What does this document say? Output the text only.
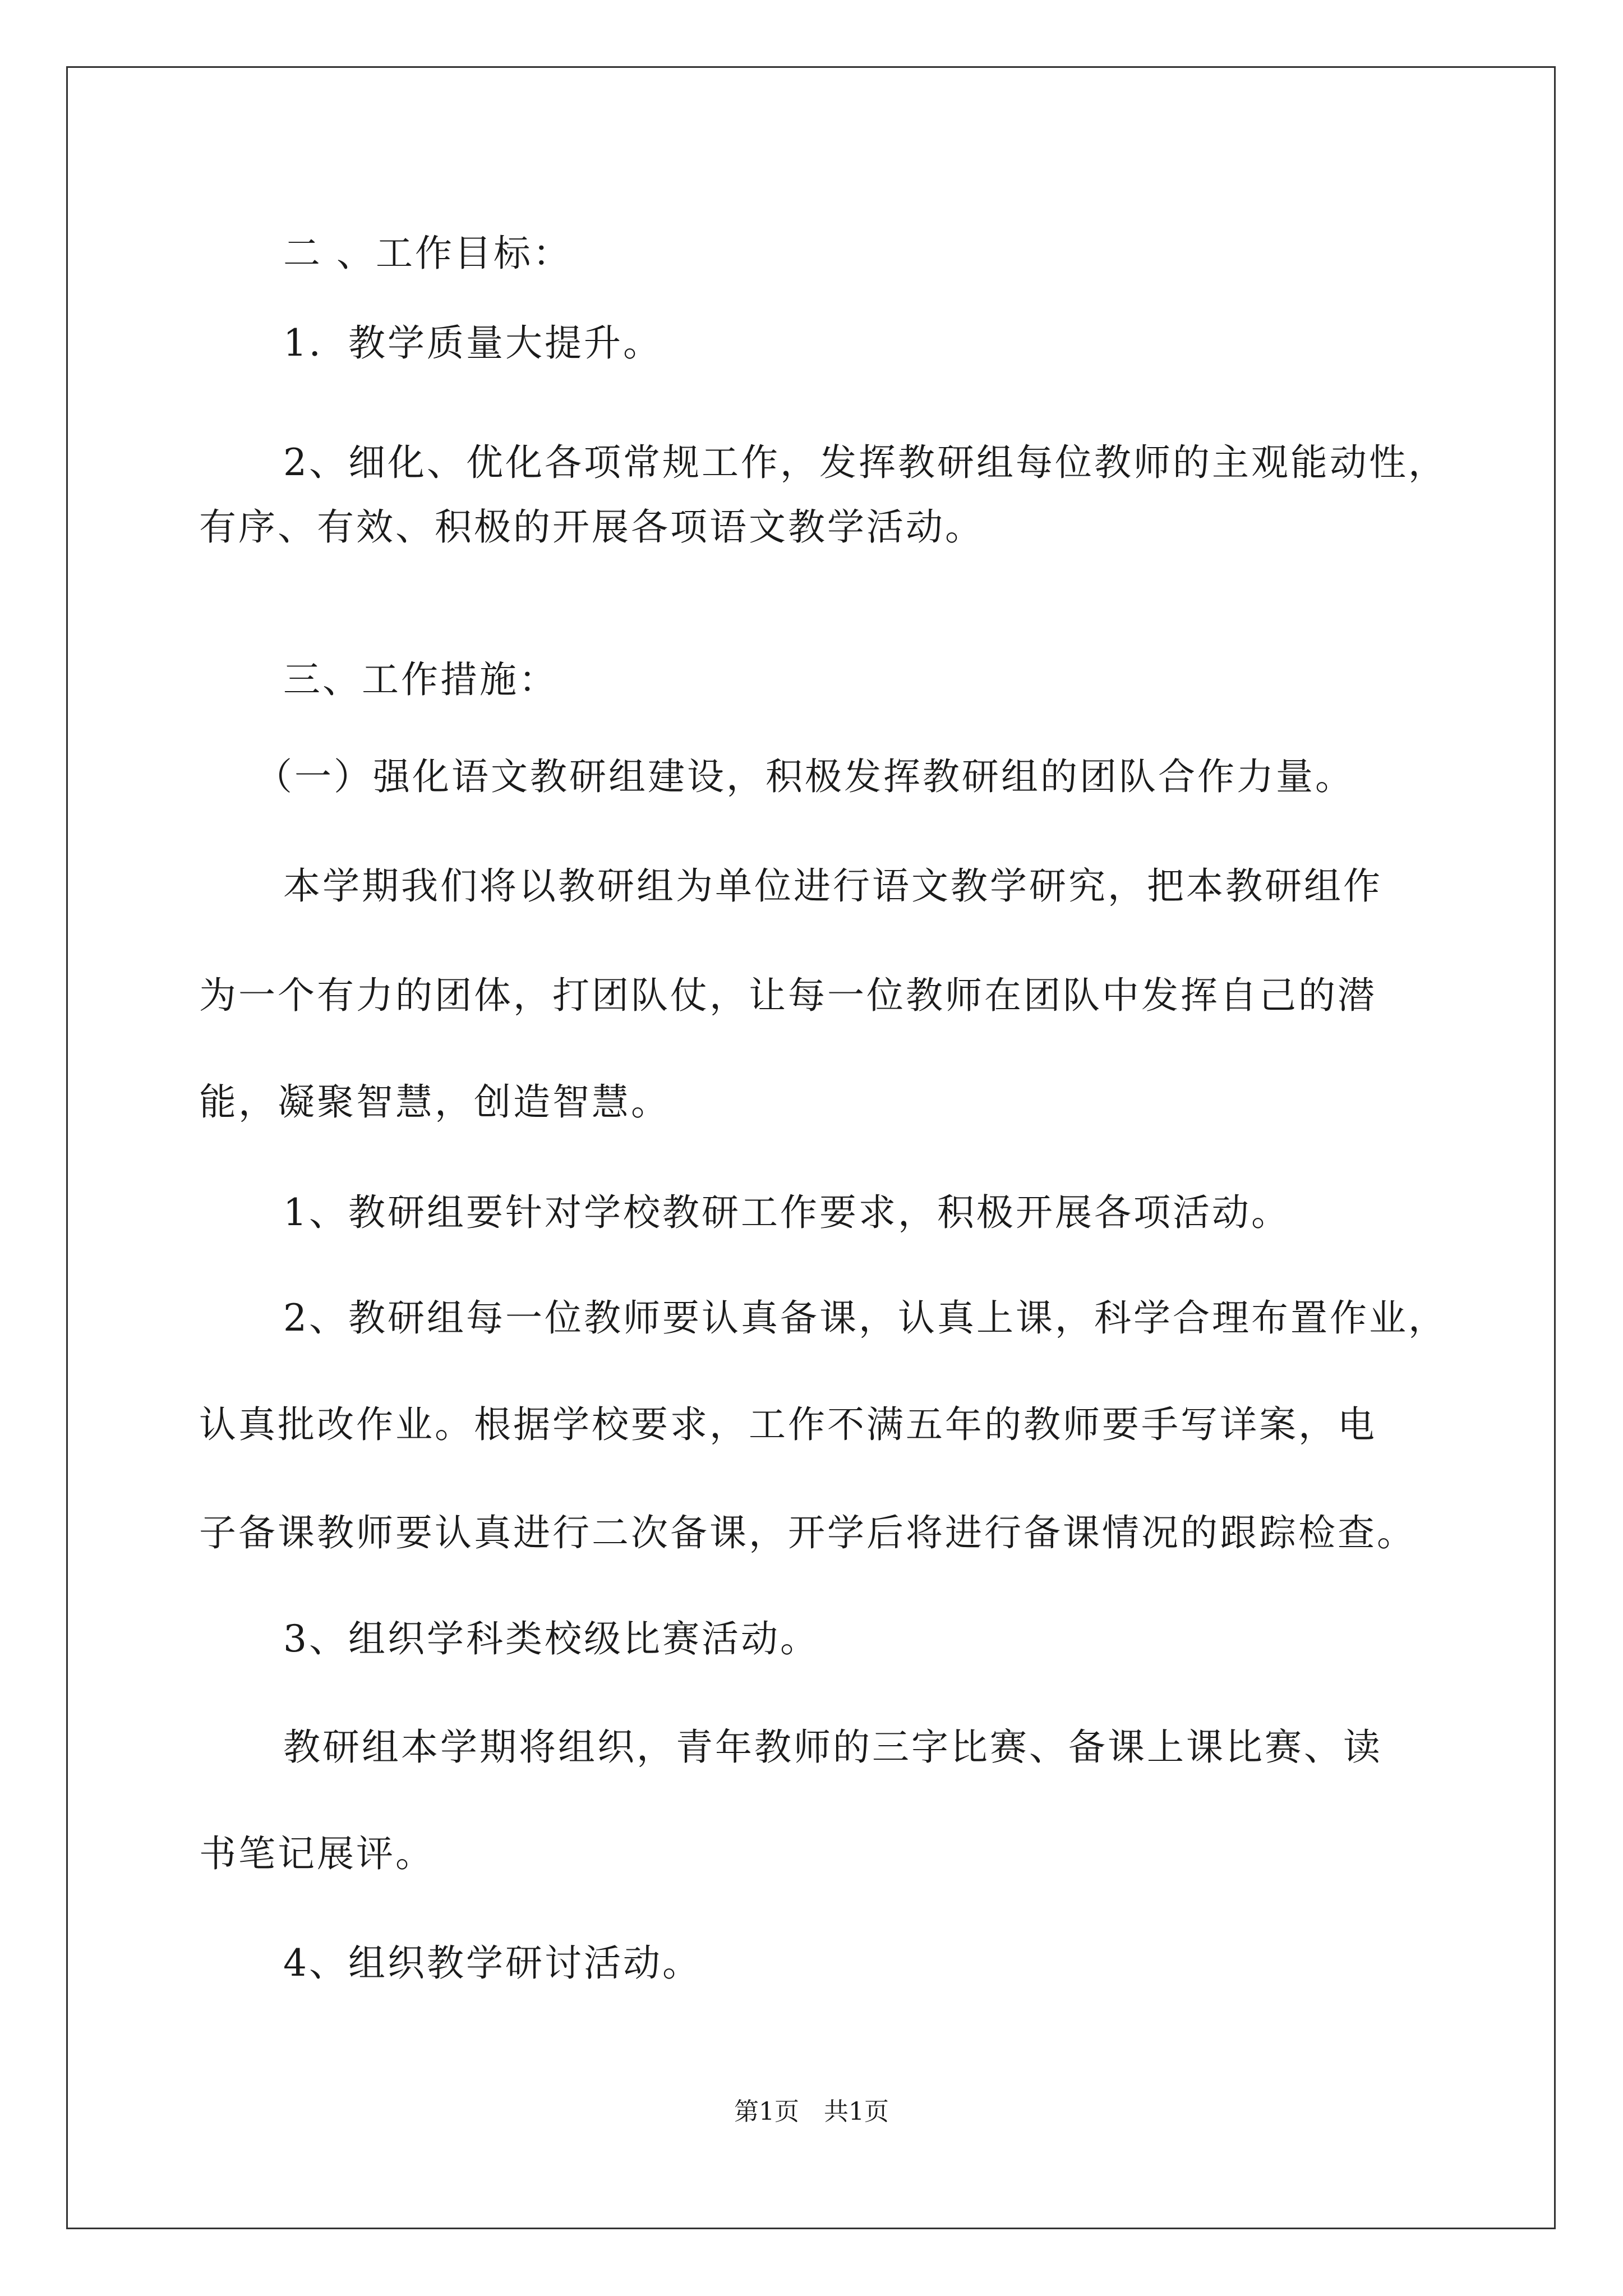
二 、工作目标：
1．教学质量大提升。
2、细化、优化各项常规工作，发挥教研组每位教师的主观能动性，
有序、有效、积极的开展各项语文教学活动。
三、工作措施：
（一）强化语文教研组建设，积极发挥教研组的团队合作力量。
本学期我们将以教研组为单位进行语文教学研究，把本教研组作
为一个有力的团体，打团队仗，让每一位教师在团队中发挥自己的潜
能，凝聚智慧，创造智慧。
1、教研组要针对学校教研工作要求，积极开展各项活动。
2、教研组每一位教师要认真备课，认真上课，科学合理布置作业，
认真批改作业。根据学校要求，工作不满五年的教师要手写详案，电
子备课教师要认真进行二次备课，开学后将进行备课情况的跟踪检查。
3、组织学科类校级比赛活动。
教研组本学期将组织，青年教师的三字比赛、备课上课比赛、读
书笔记展评。
4、组织教学研讨活动。
第1页　共1页
